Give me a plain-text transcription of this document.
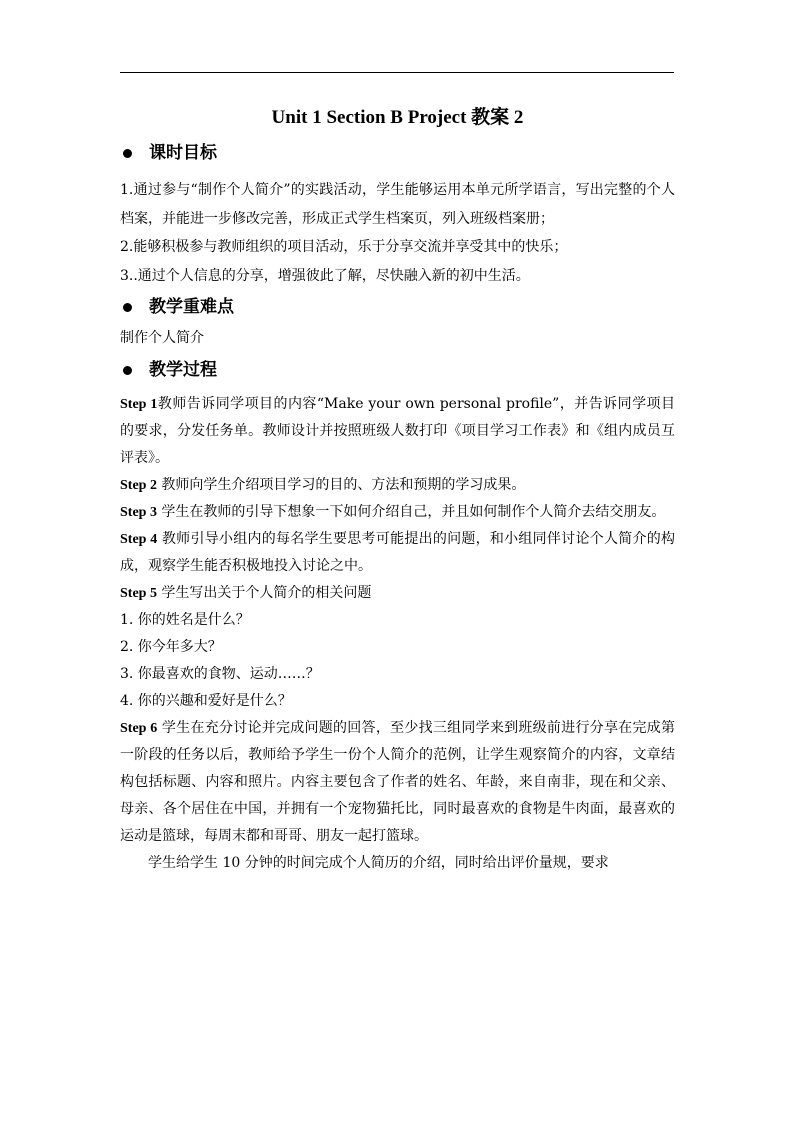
Unit 1 Section B Project 教案 2
课时目标

1.通过参与“制作个人简介”的实践活动，学生能够运用本单元所学语言，写出完整的个人档案，并能进一步修改完善，形成正式学生档案页，列入班级档案册；

2.能够积极参与教师组织的项目活动，乐于分享交流并享受其中的快乐；

3..通过个人信息的分享，增强彼此了解，尽快融入新的初中生活。

教学重难点

制作个人简介

教学过程

Step 1教师告诉同学项目的内容“Make your own personal profile”，并告诉同学项目的要求，分发任务单。教师设计并按照班级人数打印《项目学习工作表》和《组内成员互评表》。

Step 2 教师向学生介绍项目学习的目的、方法和预期的学习成果。

Step 3 学生在教师的引导下想象一下如何介绍自己，并且如何制作个人简介去结交朋友。

Step 4 教师引导小组内的每名学生要思考可能提出的问题，和小组同伴讨论个人简介的构成，观察学生能否积极地投入讨论之中。

Step 5 学生写出关于个人简介的相关问题

1. 你的姓名是什么？

2. 你今年多大？

3. 你最喜欢的食物、运动……？

4. 你的兴趣和爱好是什么？

Step 6 学生在充分讨论并完成问题的回答，至少找三组同学来到班级前进行分享在完成第一阶段的任务以后，教师给予学生一份个人简介的范例，让学生观察简介的内容，文章结构包括标题、内容和照片。内容主要包含了作者的姓名、年龄，来自南非，现在和父亲、母亲、各个居住在中国，并拥有一个宠物猫托比，同时最喜欢的食物是牛肉面，最喜欢的运动是篮球，每周末都和哥哥、朋友一起打篮球。

学生给学生 10 分钟的时间完成个人简历的介绍，同时给出评价量规，要求
